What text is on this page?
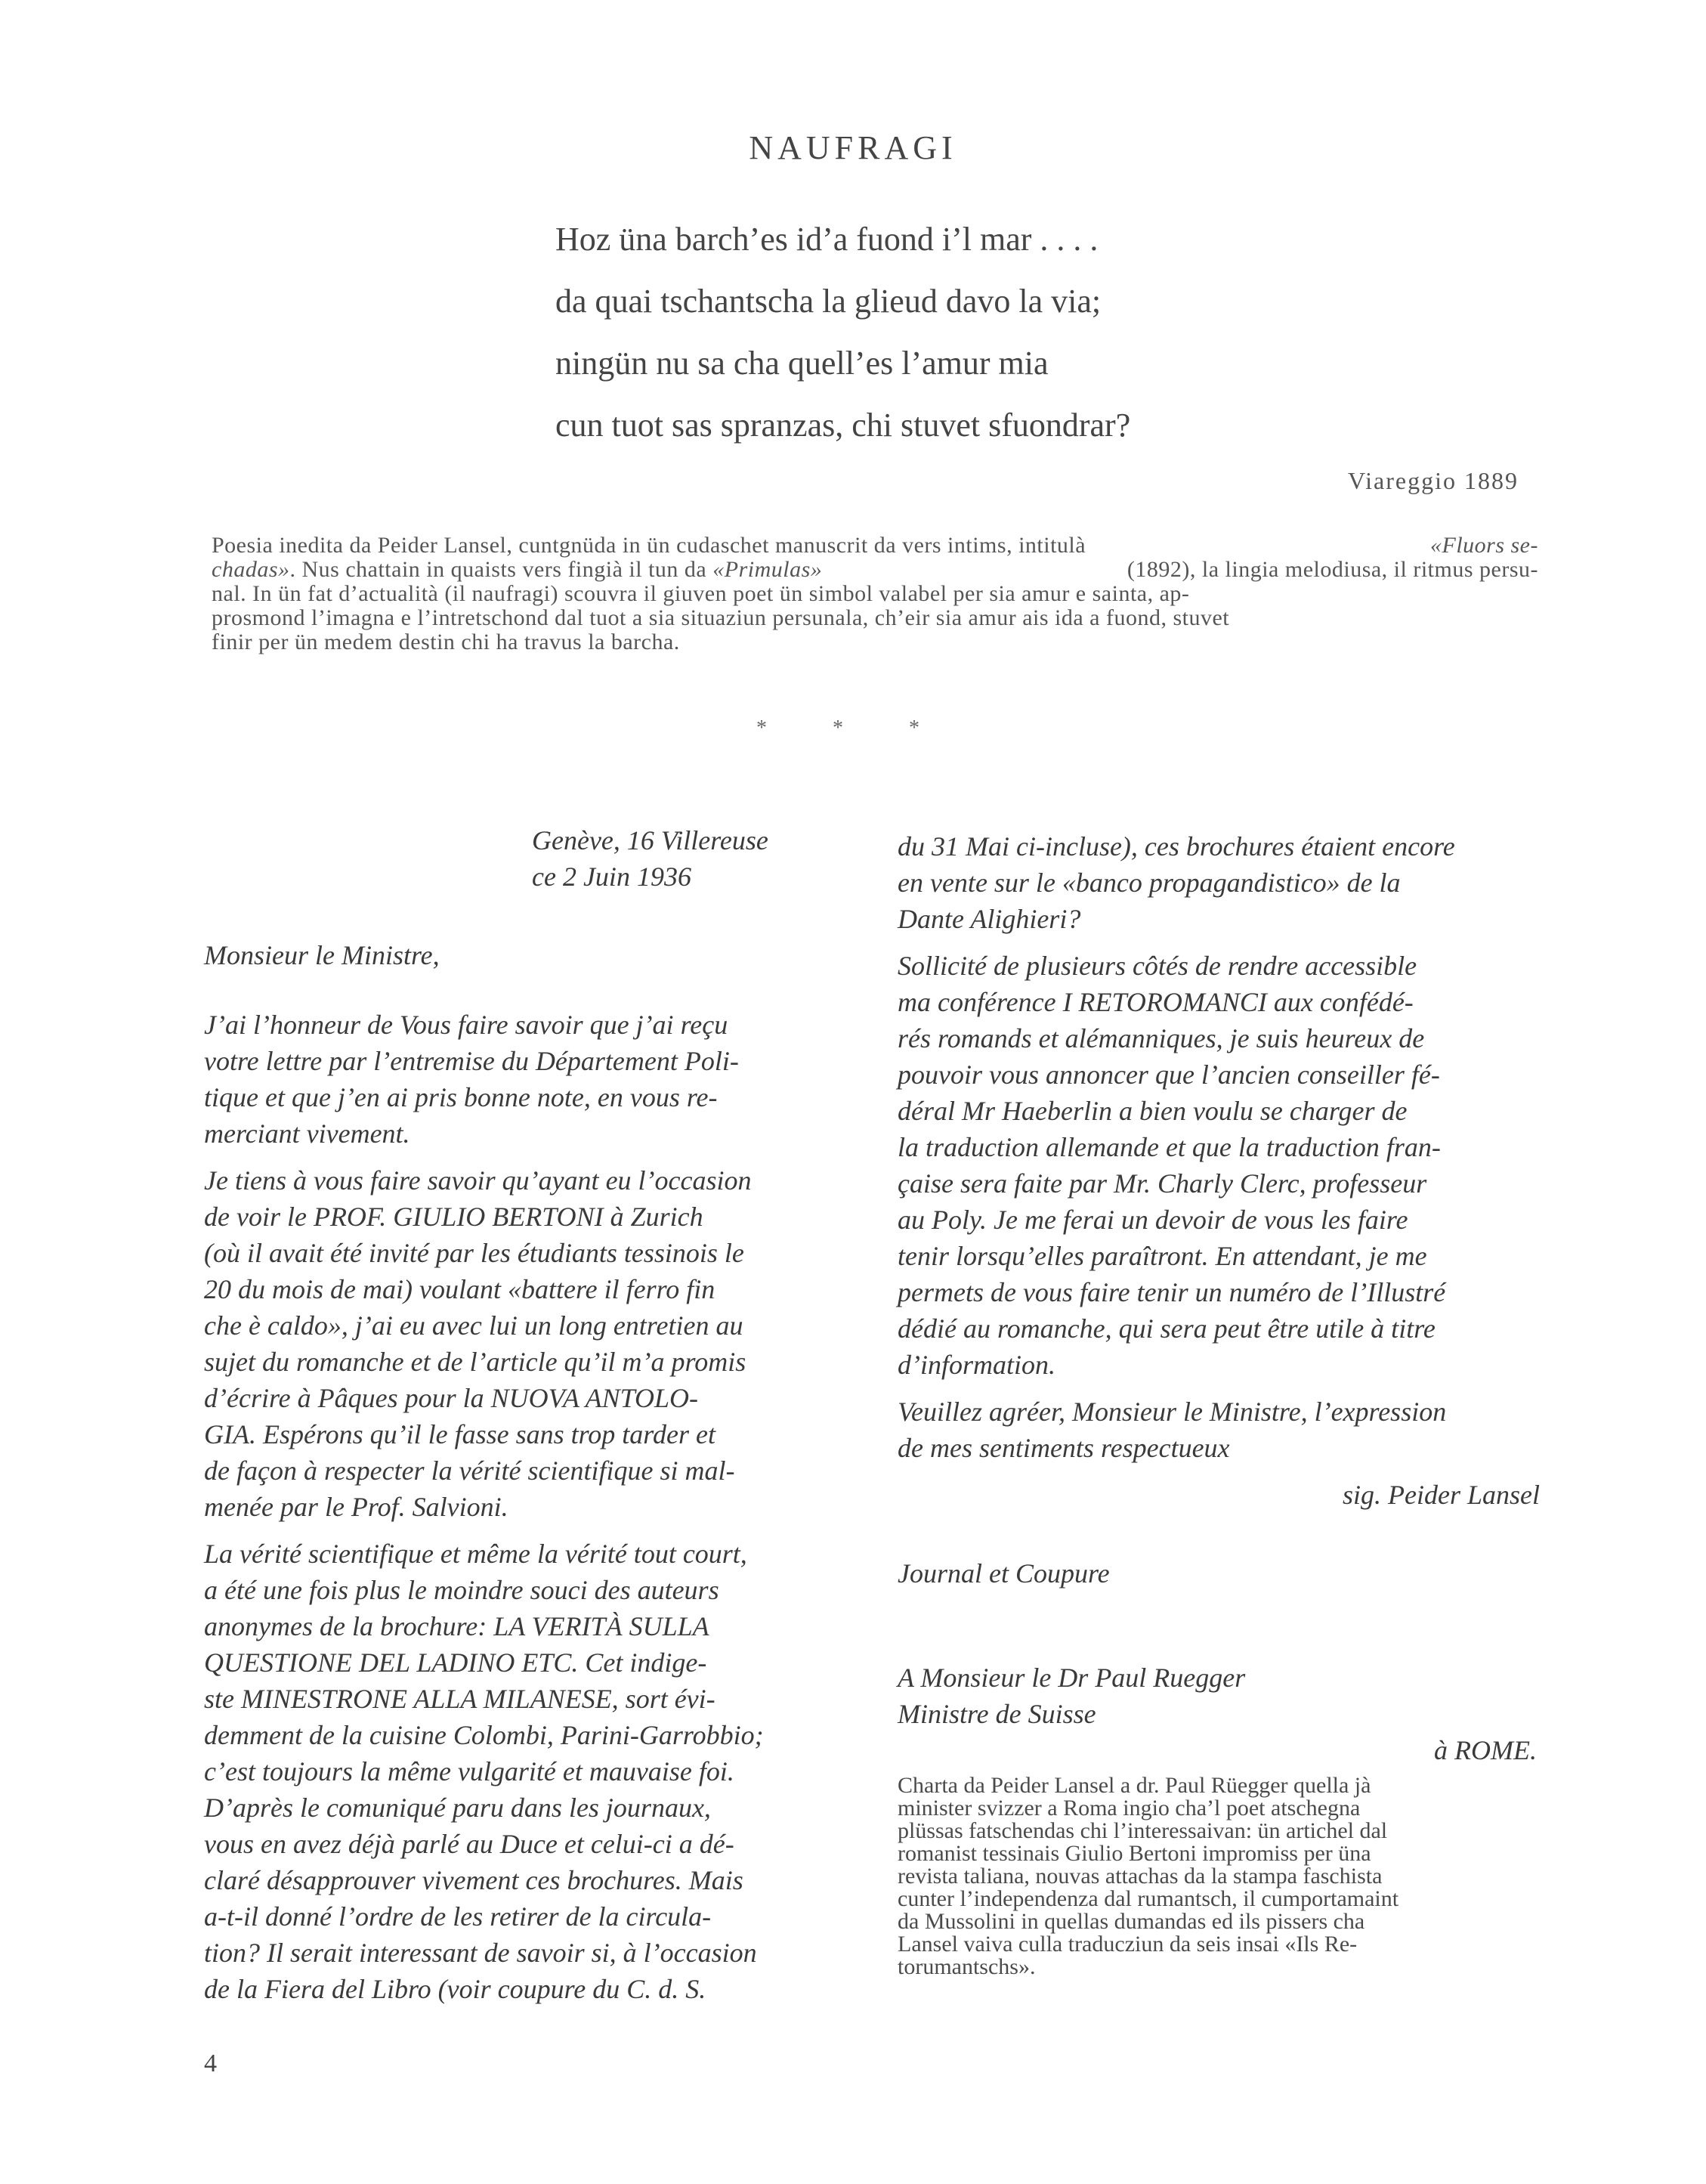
NAUFRAGI
Hoz üna barch’es id’a fuond i’l mar . . . .
da quai tschantscha la glieud davo la via;
ningün nu sa cha quell’es l’amur mia
cun tuot sas spranzas, chi stuvet sfuondrar?
Viareggio 1889
Poesia inedita da Peider Lansel, cuntgnüda in ün cudaschet manuscrit da vers intims, intitulà	«Fluors se-
chadas». Nus chattain in quaists vers fingià il tun da «Primulas»	(1892), la lingia melodiusa, il ritmus persu-
nal. In ün fat d’actualità (il naufragi) scouvra il giuven poet ün simbol valabel per sia amur e sainta, ap-
prosmond l’imagna e l’intretschond dal tuot a sia situaziun persunala, ch’eir sia amur ais ida a fuond, stuvet
finir per ün medem destin chi ha travus la barcha.
* * *
Genève, 16 Villereuse
ce 2 Juin 1936
Monsieur le Ministre,
J’ai l’honneur de Vous faire savoir que j’ai reçu
votre lettre par l’entremise du Département Poli-
tique et que j’en ai pris bonne note, en vous re-
merciant vivement.
Je tiens à vous faire savoir qu’ayant eu l’occasion
de voir le PROF. GIULIO BERTONI à Zurich
(où il avait été invité par les étudiants tessinois le
20 du mois de mai) voulant «battere il ferro fin
che è caldo», j’ai eu avec lui un long entretien au
sujet du romanche et de l’article qu’il m’a promis
d’écrire à Pâques pour la NUOVA ANTOLO-
GIA. Espérons qu’il le fasse sans trop tarder et
de façon à respecter la vérité scientifique si mal-
menée par le Prof. Salvioni.
La vérité scientifique et même la vérité tout court,
a été une fois plus le moindre souci des auteurs
anonymes de la brochure: LA VERITÀ SULLA
QUESTIONE DEL LADINO ETC. Cet indige-
ste MINESTRONE ALLA MILANESE, sort évi-
demment de la cuisine Colombi, Parini-Garrobbio;
c’est toujours la même vulgarité et mauvaise foi.
D’après le comuniqué paru dans les journaux,
vous en avez déjà parlé au Duce et celui-ci a dé-
claré désapprouver vivement ces brochures. Mais
a-t-il donné l’ordre de les retirer de la circula-
tion? Il serait interessant de savoir si, à l’occasion
de la Fiera del Libro (voir coupure du C. d. S.
du 31 Mai ci-incluse), ces brochures étaient encore
en vente sur le «banco propagandistico» de la
Dante Alighieri?
Sollicité de plusieurs côtés de rendre accessible
ma conférence I RETOROMANCI aux confédé-
rés romands et alémanniques, je suis heureux de
pouvoir vous annoncer que l’ancien conseiller fé-
déral Mr Haeberlin a bien voulu se charger de
la traduction allemande et que la traduction fran-
çaise sera faite par Mr. Charly Clerc, professeur
au Poly. Je me ferai un devoir de vous les faire
tenir lorsqu’elles paraîtront. En attendant, je me
permets de vous faire tenir un numéro de l’Illustré
dédié au romanche, qui sera peut être utile à titre
d’information.
Veuillez agréer, Monsieur le Ministre, l’expression
de mes sentiments respectueux
sig. Peider Lansel
Journal et Coupure
A Monsieur le Dr Paul Ruegger
Ministre de Suisse
à ROME.
Charta da Peider Lansel a dr. Paul Rüegger quella jà
minister svizzer a Roma ingio cha’l poet atschegna
plüssas fatschendas chi l’interessaivan: ün artichel dal
romanist tessinais Giulio Bertoni impromiss per üna
revista taliana, nouvas attachas da la stampa faschista
cunter l’independenza dal rumantsch, il cumportamaint
da Mussolini in quellas dumandas ed ils pissers cha
Lansel vaiva culla traducziun da seis insai «Ils Re-
torumantschs».
4
